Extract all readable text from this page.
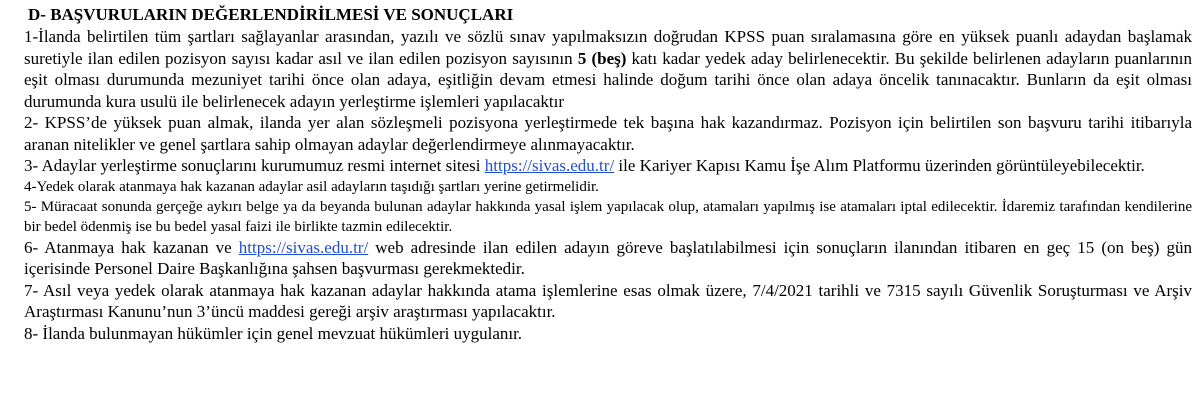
D- BAŞVURULARIN DEĞERLENDİRİLMESİ VE SONUÇLARI

1-İlanda belirtilen tüm şartları sağlayanlar arasından, yazılı ve sözlü sınav yapılmaksızın doğrudan KPSS puan sıralamasına göre en yüksek puanlı adaydan başlamak suretiyle ilan edilen pozisyon sayısı kadar asıl ve ilan edilen pozisyon sayısının 5 (beş) katı kadar yedek aday belirlenecektir. Bu şekilde belirlenen adayların puanlarının eşit olması durumunda mezuniyet tarihi önce olan adaya, eşitliğin devam etmesi halinde doğum tarihi önce olan adaya öncelik tanınacaktır. Bunların da eşit olması durumunda kura usulü ile belirlenecek adayın yerleştirme işlemleri yapılacaktır

2- KPSS’de yüksek puan almak, ilanda yer alan sözleşmeli pozisyona yerleştirmede tek başına hak kazandırmaz. Pozisyon için belirtilen son başvuru tarihi itibarıyla aranan nitelikler ve genel şartlara sahip olmayan adaylar değerlendirmeye alınmayacaktır.

3- Adaylar yerleştirme sonuçlarını kurumumuz resmi internet sitesi https://sivas.edu.tr/ ile Kariyer Kapısı Kamu İşe Alım Platformu üzerinden görüntüleyebilecektir.

4-Yedek olarak atanmaya hak kazanan adaylar asil adayların taşıdığı şartları yerine getirmelidir.

5- Müracaat sonunda gerçeğe aykırı belge ya da beyanda bulunan adaylar hakkında yasal işlem yapılacak olup, atamaları yapılmış ise atamaları iptal edilecektir. İdaremiz tarafından kendilerine bir bedel ödenmiş ise bu bedel yasal faizi ile birlikte tazmin edilecektir.

6- Atanmaya hak kazanan ve https://sivas.edu.tr/ web adresinde ilan edilen adayın göreve başlatılabilmesi için sonuçların ilanından itibaren en geç 15 (on beş) gün içerisinde Personel Daire Başkanlığına şahsen başvurması gerekmektedir.

7- Asıl veya yedek olarak atanmaya hak kazanan adaylar hakkında atama işlemlerine esas olmak üzere, 7/4/2021 tarihli ve 7315 sayılı Güvenlik Soruşturması ve Arşiv Araştırması Kanunu’nun 3’üncü maddesi gereği arşiv araştırması yapılacaktır.

8- İlanda bulunmayan hükümler için genel mevzuat hükümleri uygulanır.
